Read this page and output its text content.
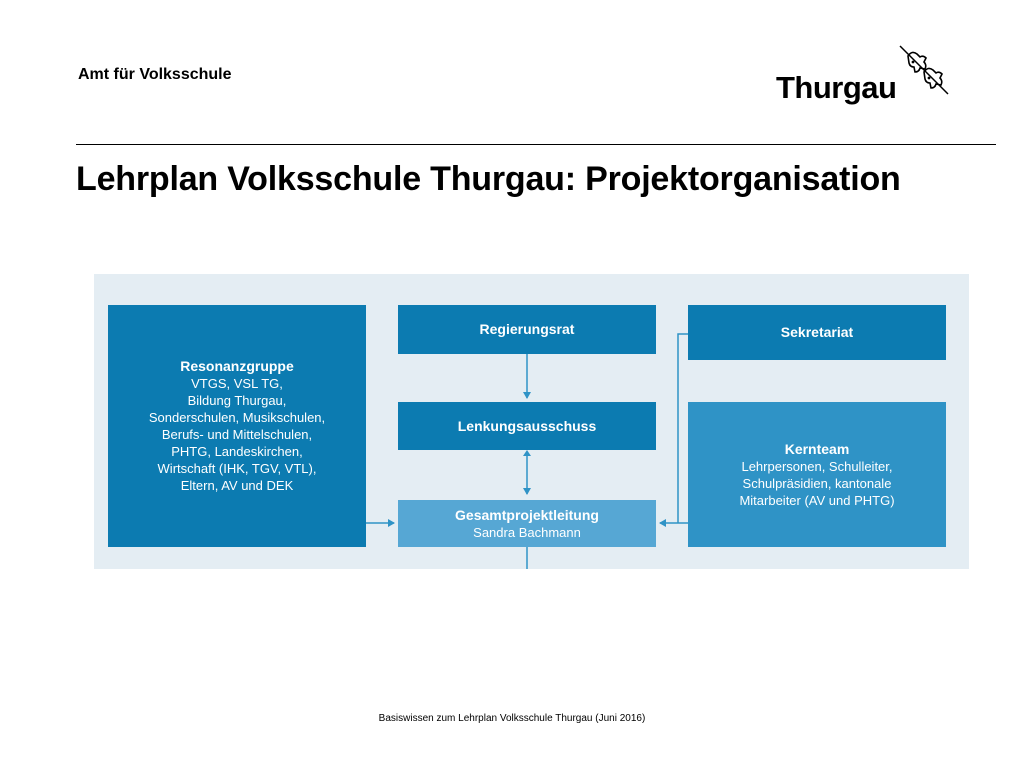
Amt für Volksschule	Thurgau
Lehrplan Volksschule Thurgau: Projektorganisation
Resonanzgruppe
VTGS, VSL TG,
Bildung Thurgau,
Sonderschulen, Musikschulen,
Berufs- und Mittelschulen,
PHTG, Landeskirchen,
Wirtschaft (IHK, TGV, VTL),
Eltern, AV und DEK
Regierungsrat
Lenkungsausschuss
Gesamtprojektleitung
Sandra Bachmann
Sekretariat
Kernteam
Lehrpersonen, Schulleiter,
Schulpräsidien, kantonale
Mitarbeiter (AV und PHTG)
Basiswissen zum Lehrplan Volksschule Thurgau (Juni 2016)
